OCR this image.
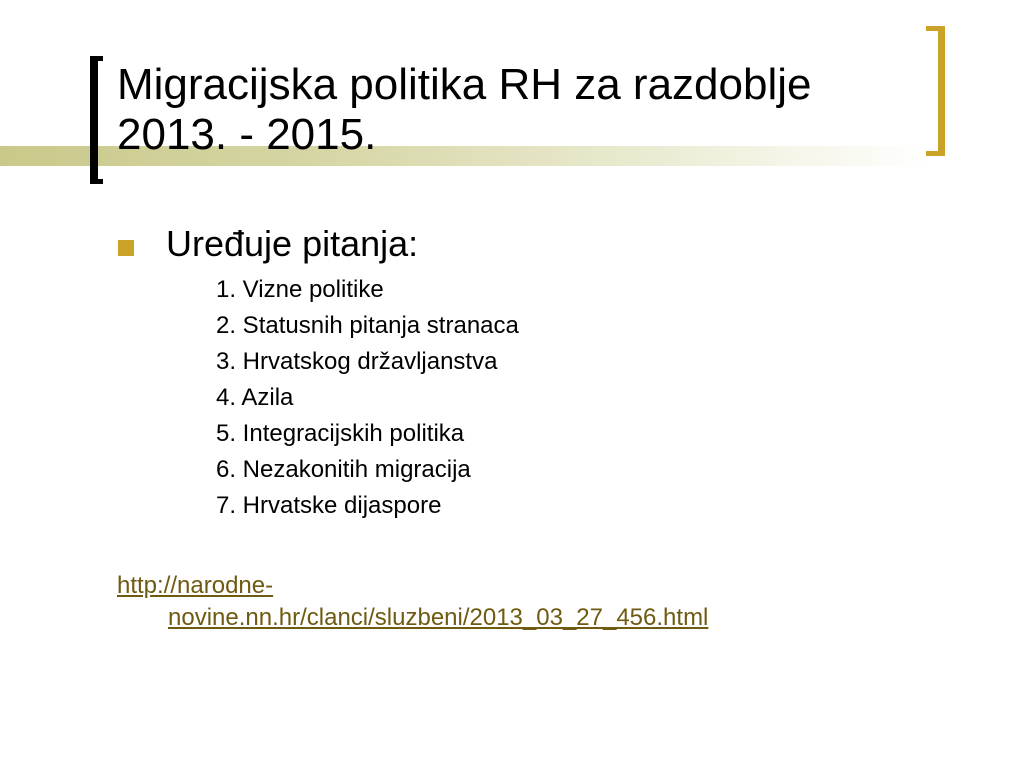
Migracijska politika RH za razdoblje
2013. - 2015.
Uređuje pitanja:
1. Vizne politike
2. Statusnih pitanja stranaca
3. Hrvatskog državljanstva
4. Azila
5. Integracijskih politika
6. Nezakonitih migracija
7. Hrvatske dijaspore
http://narodne-
novine.nn.hr/clanci/sluzbeni/2013_03_27_456.html
